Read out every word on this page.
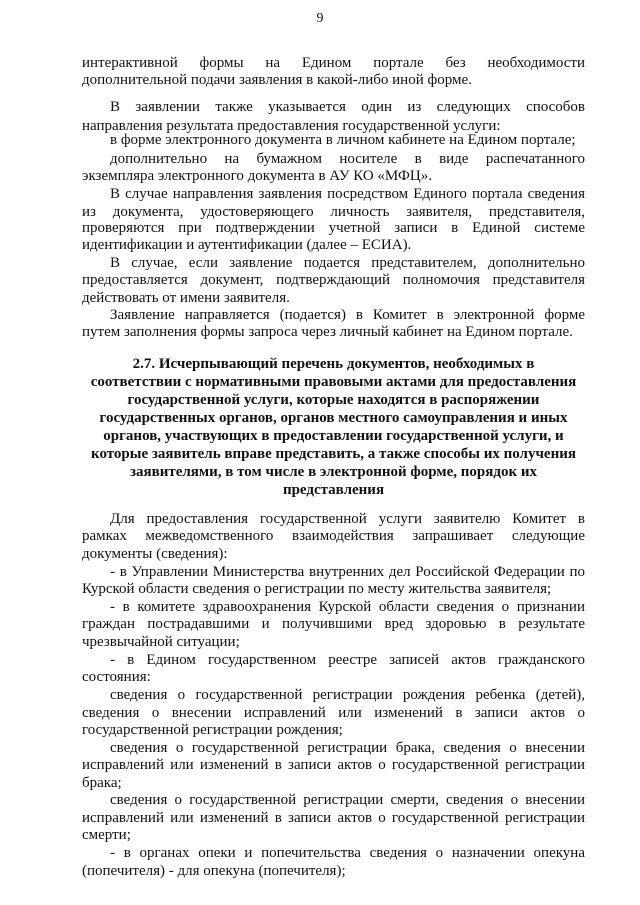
9
интерактивной формы на Едином портале без необходимости
дополнительной подачи заявления в какой-либо иной форме.
В заявлении также указывается один из следующих способов
направления результата предоставления государственной услуги:
в форме электронного документа в личном кабинете на Едином портале;
дополнительно на бумажном носителе в виде распечатанного
экземпляра электронного документа в АУ КО «МФЦ».
В случае направления заявления посредством Единого портала сведения
из документа, удостоверяющего личность заявителя, представителя,
проверяются при подтверждении учетной записи в Единой системе
идентификации и аутентификации (далее – ЕСИА).
В случае, если заявление подается представителем, дополнительно
предоставляется документ, подтверждающий полномочия представителя
действовать от имени заявителя.
Заявление направляется (подается) в Комитет в электронной форме
путем заполнения формы запроса через личный кабинет на Едином портале.
2.7. Исчерпывающий перечень документов, необходимых в
соответствии с нормативными правовыми актами для предоставления
государственной услуги, которые находятся в распоряжении
государственных органов, органов местного самоуправления и иных
органов, участвующих в предоставлении государственной услуги, и
которые заявитель вправе представить, а также способы их получения
заявителями, в том числе в электронной форме, порядок их
представления
Для предоставления государственной услуги заявителю Комитет в
рамках межведомственного взаимодействия запрашивает следующие
документы (сведения):
- в Управлении Министерства внутренних дел Российской Федерации по
Курской области сведения о регистрации по месту жительства заявителя;
- в комитете здравоохранения Курской области сведения о признании
граждан пострадавшими и получившими вред здоровью в результате
чрезвычайной ситуации;
- в Едином государственном реестре записей актов гражданского
состояния:
сведения о государственной регистрации рождения ребенка (детей),
сведения о внесении исправлений или изменений в записи актов о
государственной регистрации рождения;
сведения о государственной регистрации брака, сведения о внесении
исправлений или изменений в записи актов о государственной регистрации
брака;
сведения о государственной регистрации смерти, сведения о внесении
исправлений или изменений в записи актов о государственной регистрации
смерти;
- в органах опеки и попечительства сведения о назначении опекуна
(попечителя) - для опекуна (попечителя);
